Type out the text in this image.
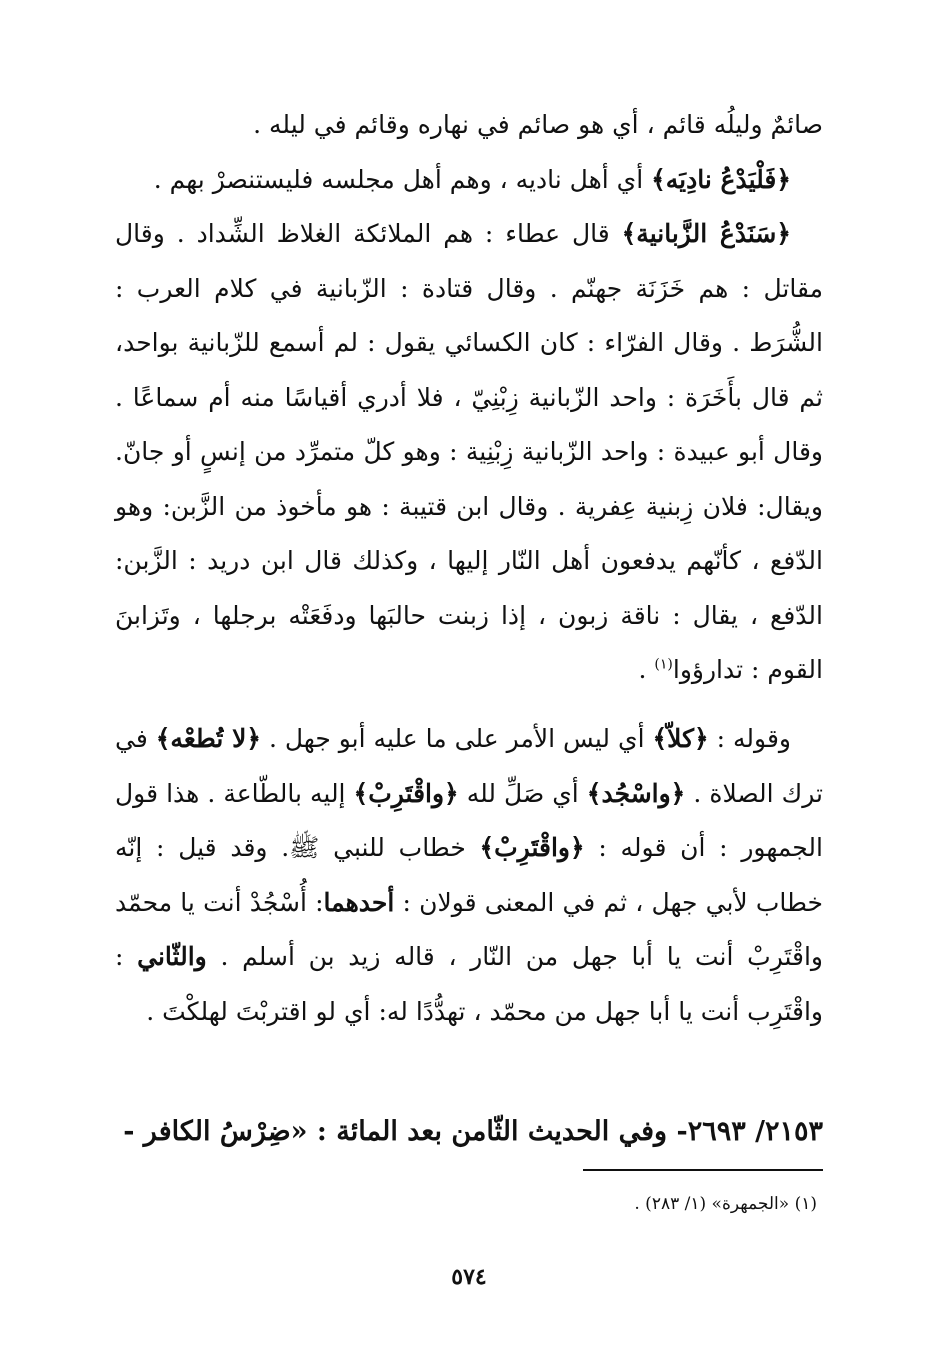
صائمٌ وليلُه قائم ، أي هو صائم في نهاره وقائم في ليله .

﴿فَلْيَدْعُ نادِيَه﴾ أي أهل ناديه ، وهم أهل مجلسه فليستنصرْ بهم .

﴿سَنَدْعُ الزَّبانية﴾ قال عطاء : هم الملائكة الغلاظ الشِّداد . وقال مقاتل : هم خَزَنَة جهنّم . وقال قتادة : الزّبانية في كلام العرب : الشُّرَط . وقال الفرّاء : كان الكسائي يقول : لم أسمع للزّبانية بواحد، ثم قال بأَخَرَة : واحد الزّبانية زِبْنِيّ ، فلا أدري أقياسًا منه أم سماعًا . وقال أبو عبيدة : واحد الزّبانية زِبْنِية : وهو كلّ متمرِّد من إنسٍ أو جانّ. ويقال: فلان زِبنية عِفرية . وقال ابن قتيبة : هو مأخوذ من الزَّبن: وهو الدّفع ، كأنّهم يدفعون أهل النّار إليها ، وكذلك قال ابن دريد : الزَّبن: الدّفع ، يقال : ناقة زبون ، إذا زبنت حالبَها ودفَعَتْه برجلها ، وتَزابنَ القوم : تدارؤوا$^{(١)}$ .

وقوله : ﴿كلاّ﴾ أي ليس الأمر على ما عليه أبو جهل . ﴿لا تُطعْه﴾ في ترك الصلاة . ﴿واسْجُد﴾ أي صَلِّ لله ﴿واقْتَرِبْ﴾ إليه بالطّاعة . هذا قول الجمهور : أن قوله : ﴿واقْتَرِبْ﴾ خطاب للنبي ﷺ. وقد قيل : إنّه خطاب لأبي جهل ، ثم في المعنى قولان : أحدهما: أُسْجُدْ أنت يا محمّد واقْتَرِبْ أنت يا أبا جهل من النّار ، قاله زيد بن أسلم . والثّاني : واقْتَرِب أنت يا أبا جهل من محمّد ، تهدُّدًا له: أي لو اقتربْتَ لهلكْتَ .

٢١٥٣/ ٢٦٩٣- وفي الحديث الثّامن بعد المائة : «ضِرْسُ الكافر -
(١) «الجمهرة» (١/ ٢٨٣) .
٥٧٤
